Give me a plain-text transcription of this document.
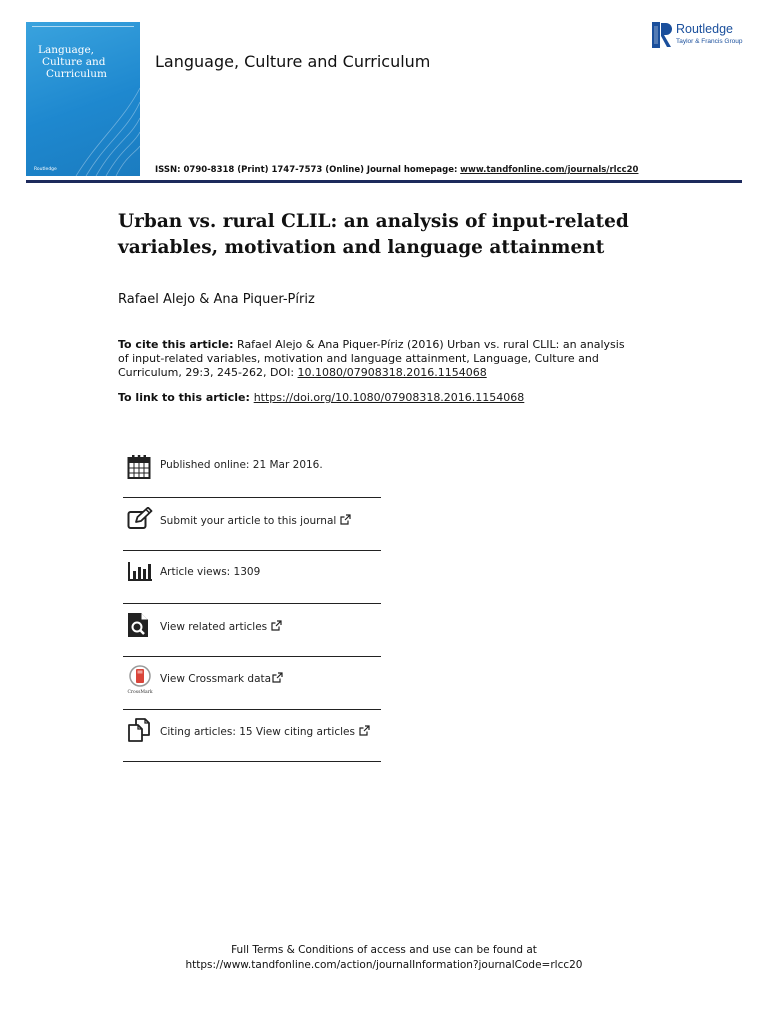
Language,
Culture and
Curriculum
Routledge
Language, Culture and Curriculum
Routledge
Taylor & Francis Group
ISSN: 0790-8318 (Print) 1747-7573 (Online) Journal homepage: www.tandfonline.com/journals/rlcc20
Urban vs. rural CLIL: an analysis of input-related
variables, motivation and language attainment
Rafael Alejo & Ana Piquer-Píriz
To cite this article: Rafael Alejo & Ana Piquer-Píriz (2016) Urban vs. rural CLIL: an analysis
of input-related variables, motivation and language attainment, Language, Culture and
Curriculum, 29:3, 245-262, DOI: 10.1080/07908318.2016.1154068
To link to this article: https://doi.org/10.1080/07908318.2016.1154068
Published online: 21 Mar 2016.
Submit your article to this journal
Article views: 1309
View related articles
CrossMark
View Crossmark data
Citing articles: 15 View citing articles
Full Terms & Conditions of access and use can be found at
https://www.tandfonline.com/action/journalInformation?journalCode=rlcc20
